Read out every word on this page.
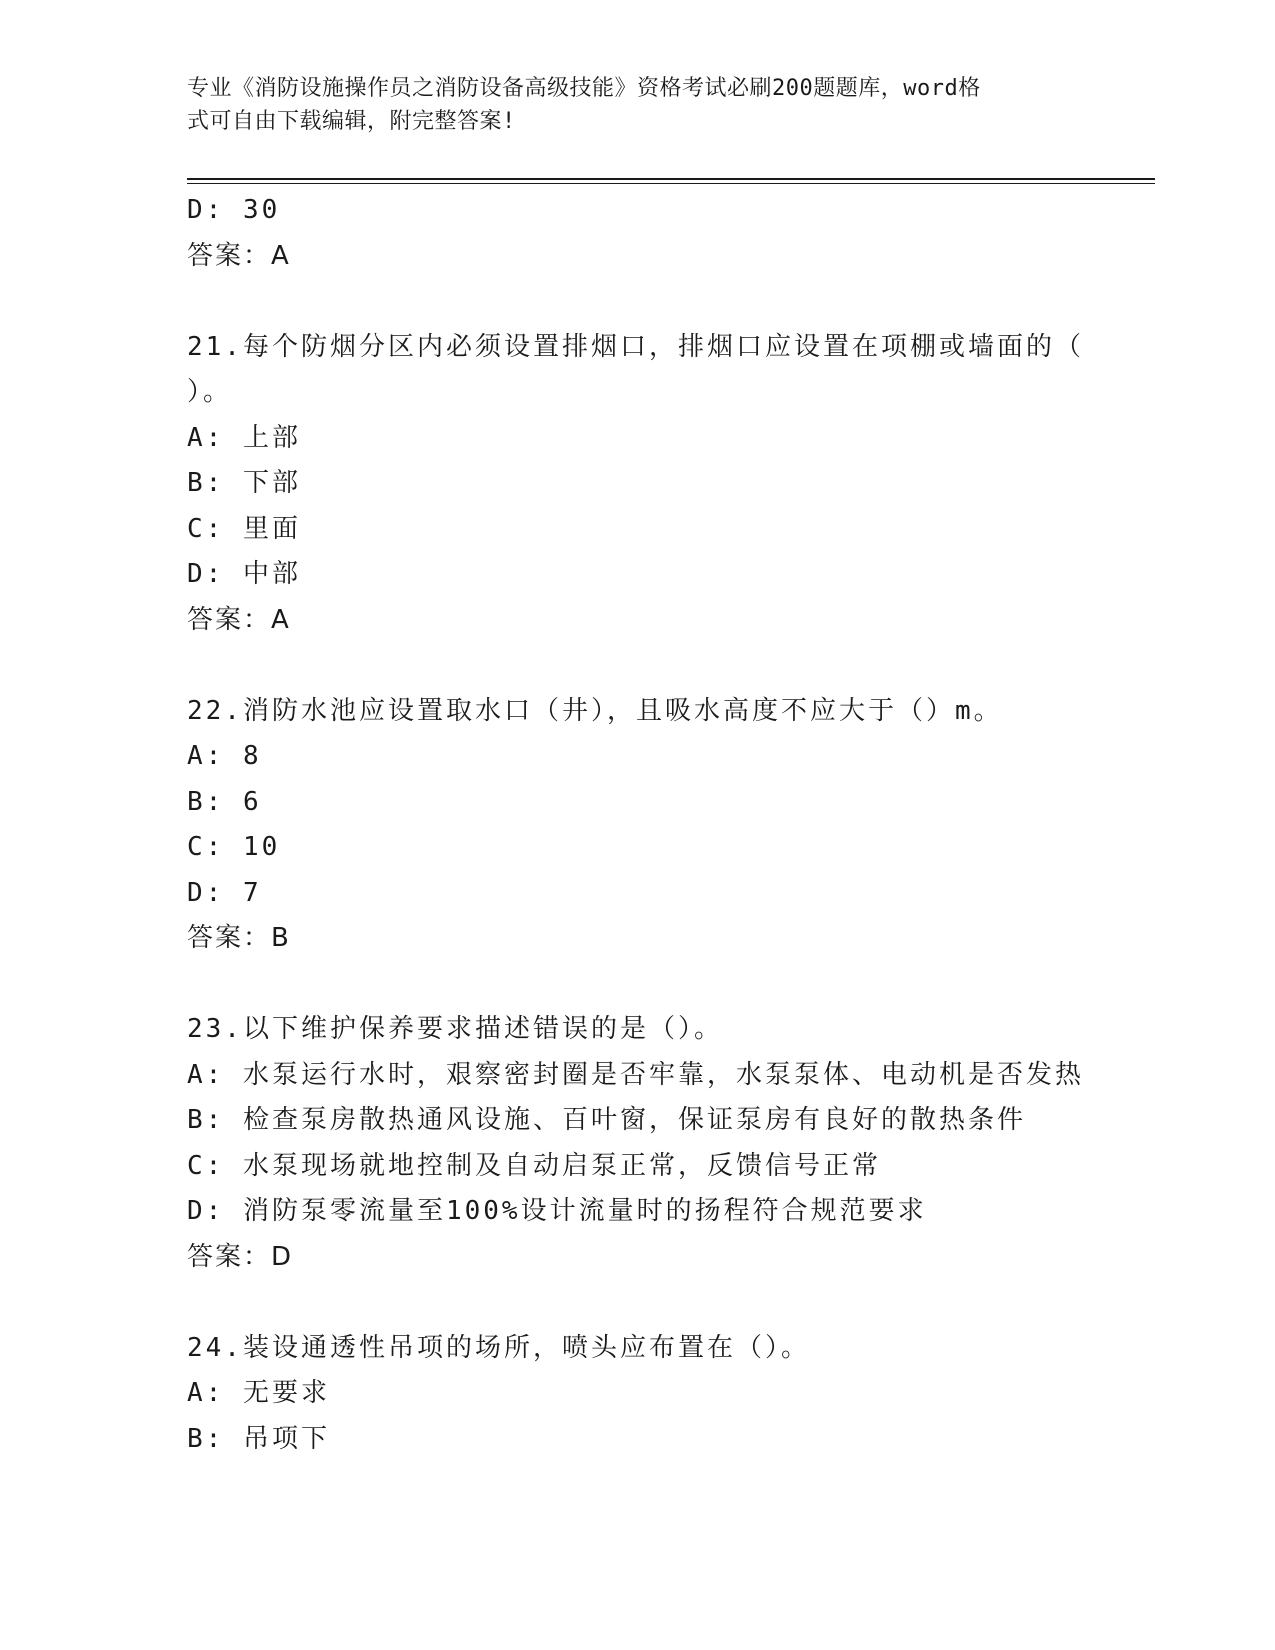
专业《消防设施操作员之消防设备高级技能》资格考试必刷200题题库，word格
式可自由下载编辑，附完整答案!
D: 30
答案：A
21.每个防烟分区内必须设置排烟口，排烟口应设置在项棚或墙面的（
）。
A: 上部
B: 下部
C: 里面
D: 中部
答案：A
22.消防水池应设置取水口（井），且吸水高度不应大于（）m。
A: 8
B: 6
C: 10
D: 7
答案：B
23.以下维护保养要求描述错误的是（）。
A: 水泵运行水时，艰察密封圈是否牢靠，水泵泵体、电动机是否发热
B: 检查泵房散热通风设施、百叶窗，保证泵房有良好的散热条件
C: 水泵现场就地控制及自动启泵正常，反馈信号正常
D: 消防泵零流量至100%设计流量时的扬程符合规范要求
答案：D
24.装设通透性吊项的场所，喷头应布置在（）。
A: 无要求
B: 吊项下
